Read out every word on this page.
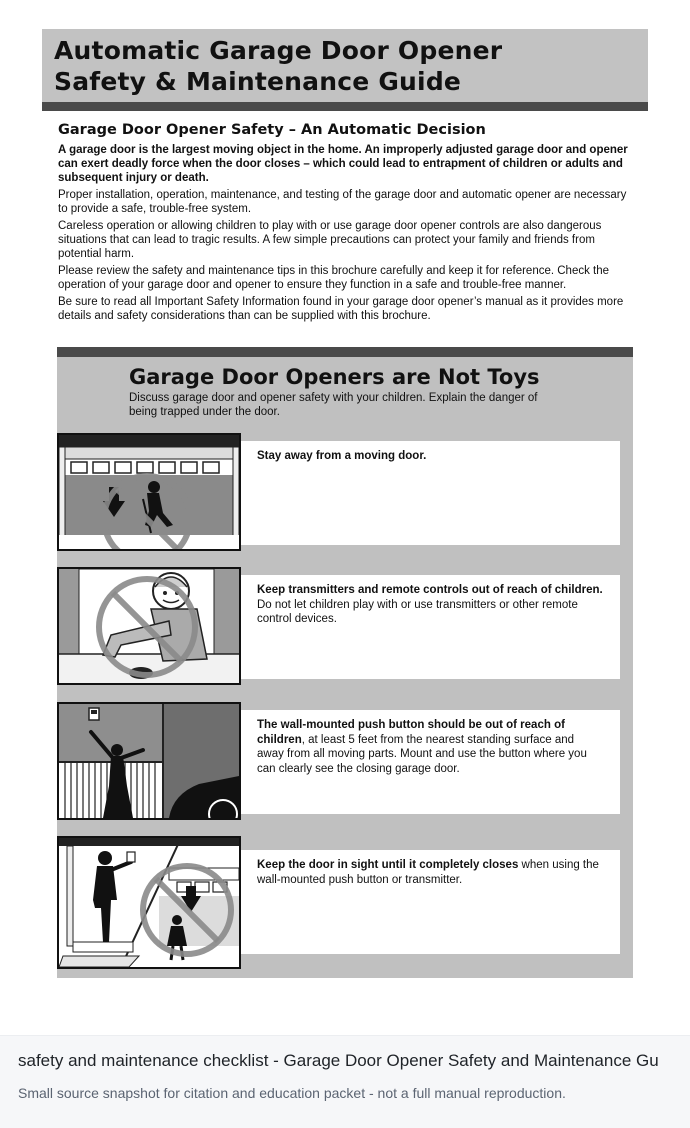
Automatic Garage Door Opener
Safety & Maintenance Guide
Garage Door Opener Safety – An Automatic Decision

A garage door is the largest moving object in the home. An improperly adjusted garage door and opener can exert deadly force when the door closes – which could lead to entrapment of children or adults and subsequent injury or death.

Proper installation, operation, maintenance, and testing of the garage door and automatic opener are necessary to provide a safe, trouble-free system.

Careless operation or allowing children to play with or use garage door opener controls are also dangerous situations that can lead to tragic results. A few simple precautions can protect your family and friends from potential harm.

Please review the safety and maintenance tips in this brochure carefully and keep it for reference. Check the operation of your garage door and opener to ensure they function in a safe and trouble-free manner.

Be sure to read all Important Safety Information found in your garage door opener’s manual as it provides more details and safety considerations than can be supplied with this brochure.

Garage Door Openers are Not Toys

Discuss garage door and opener safety with your children. Explain the danger of being trapped under the door.

Stay away from a moving door.
Keep transmitters and remote controls out of reach of children. Do not let children play with or use transmitters or other remote control devices.
The wall-mounted push button should be out of reach of children, at least 5 feet from the nearest standing surface and away from all moving parts. Mount and use the button where you can clearly see the closing garage door.
Keep the door in sight until it completely closes when using the wall-mounted push button or transmitter.
safety and maintenance checklist - Garage Door Opener Safety and Maintenance Gu
Small source snapshot for citation and education packet - not a full manual reproduction.
